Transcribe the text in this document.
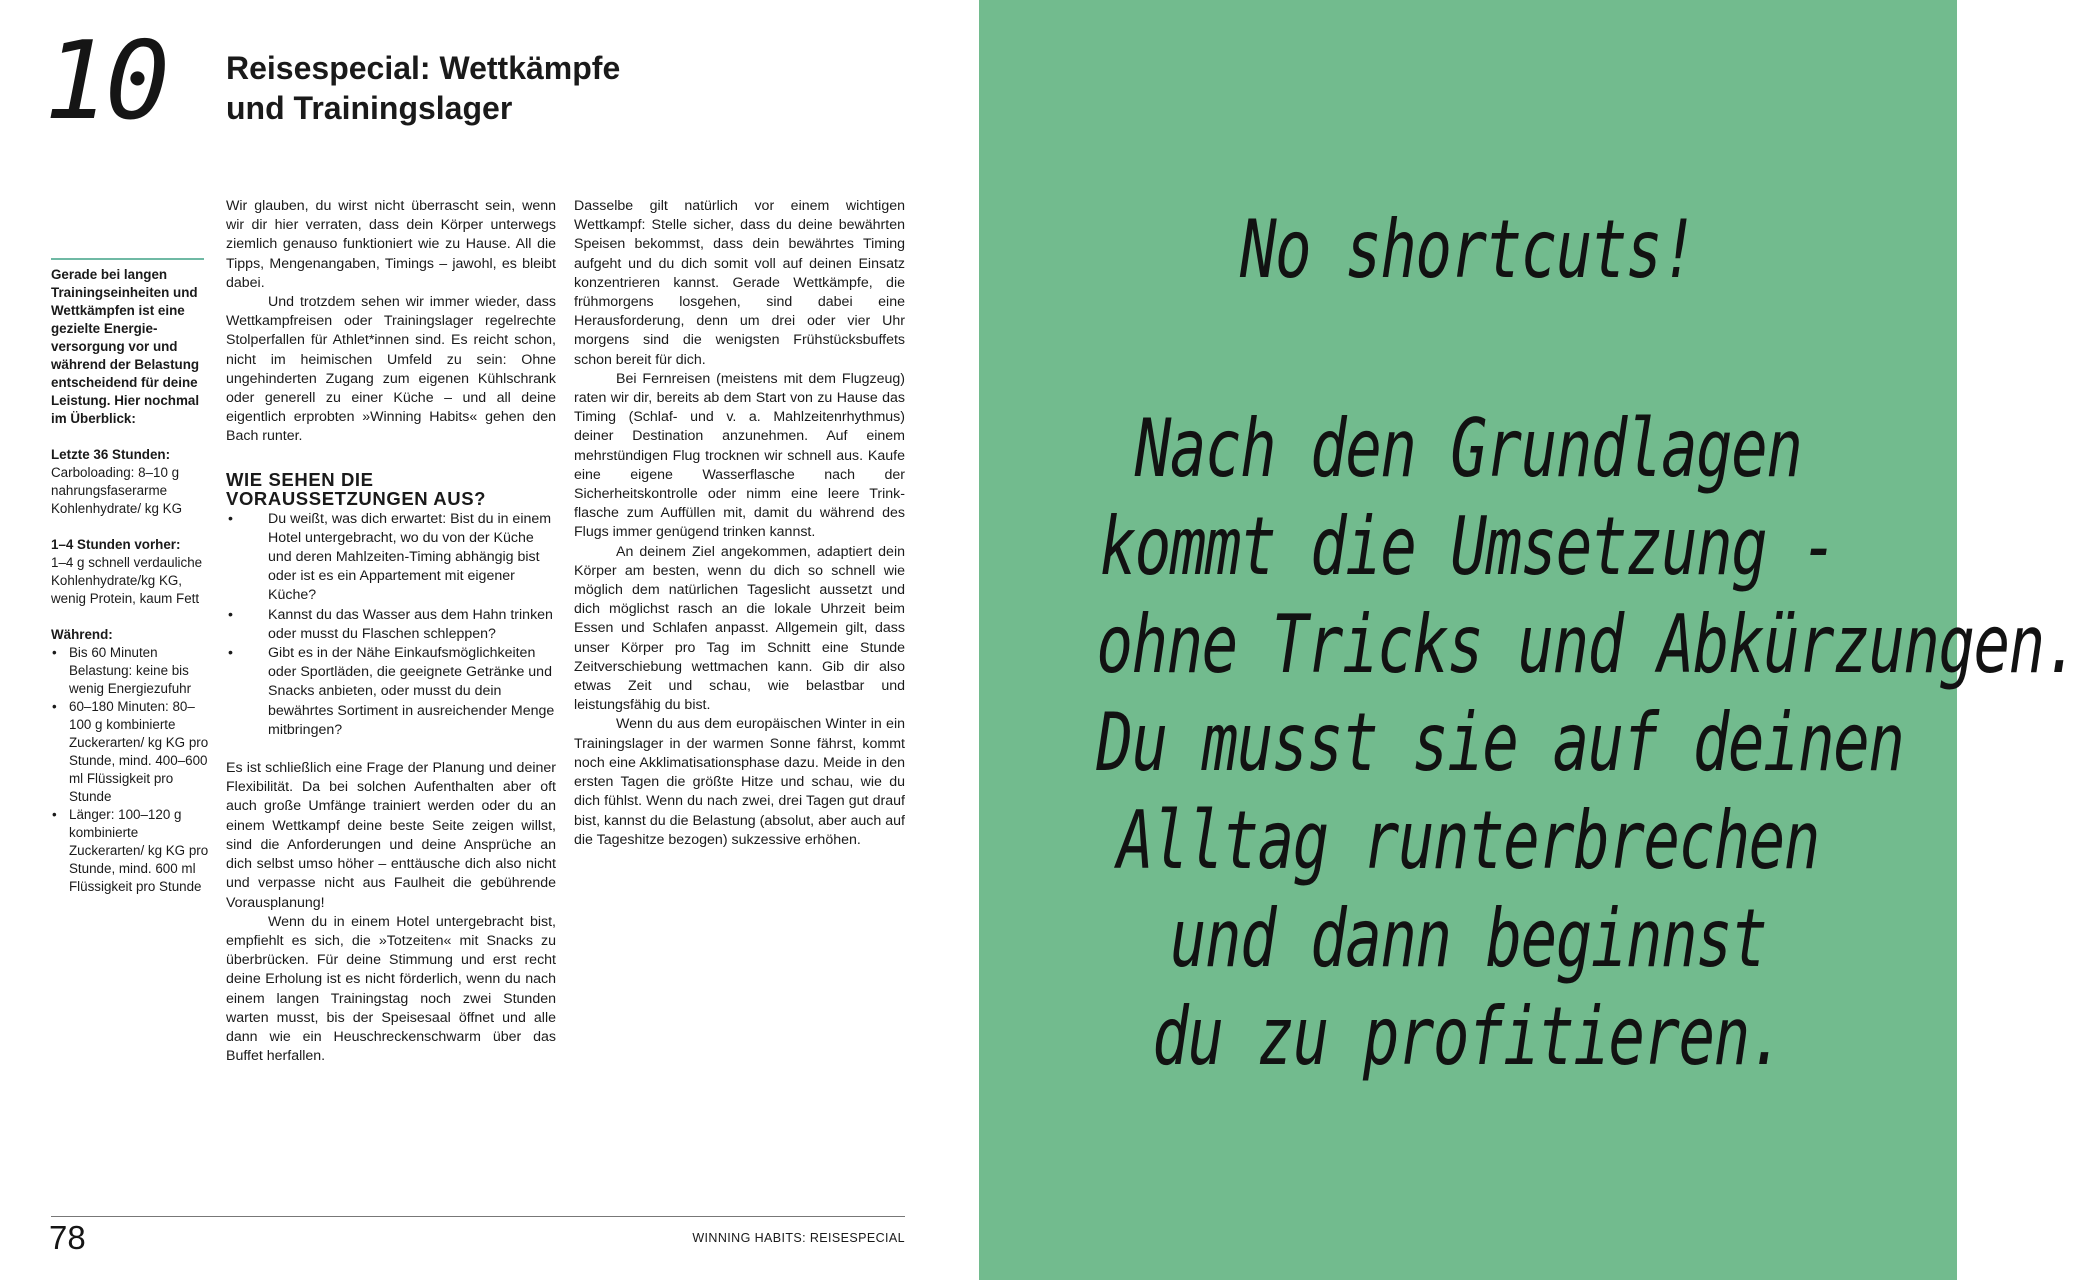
10 Reisespecial: Wettkämpfe
und Trainingslager

Gerade bei langen Trainingseinheiten und Wettkämpfen ist eine gezielte Energieversorgung vor und während der Belastung entscheidend für deine Leistung. Hier nochmal im Überblick:

Letzte 36 Stunden:
Carboloading: 8–10 g nahrungsfaserarme Kohlenhydrate/ kg KG

1–4 Stunden vorher:
1–4 g schnell verdauliche Kohlenhydrate/kg KG, wenig Protein, kaum Fett

Während:
• Bis 60 Minuten Belastung: keine bis wenig Energiezufuhr
• 60–180 Minuten: 80–100 g kombinierte Zuckerarten/ kg KG pro Stunde, mind. 400–600 ml Flüssigkeit pro Stunde
• Länger: 100–120 g kombinierte Zuckerarten/ kg KG pro Stunde, mind. 600 ml Flüssigkeit pro Stunde

Wir glauben, du wirst nicht überrascht sein, wenn wir dir hier verraten, dass dein Körper unterwegs ziemlich genauso funktioniert wie zu Hause. All die Tipps, Mengenangaben, Timings – jawohl, es bleibt dabei.

Und trotzdem sehen wir immer wieder, dass Wettkampfreisen oder Trainingslager regelrechte Stolperfallen für Athlet*innen sind. Es reicht schon, nicht im heimischen Umfeld zu sein: Ohne ungehinderten Zugang zum eigenen Kühlschrank oder generell zu einer Küche – und all deine eigentlich erprobten »Winning Habits« gehen den Bach runter.

WIE SEHEN DIE VORAUSSETZUNGEN AUS?
• Du weißt, was dich erwartet: Bist du in einem Hotel untergebracht, wo du von der Küche und deren Mahlzeiten-Timing abhängig bist oder ist es ein Appartement mit eigener Küche?
• Kannst du das Wasser aus dem Hahn trinken oder musst du Flaschen schleppen?
• Gibt es in der Nähe Einkaufsmöglichkeiten oder Sportläden, die geeignete Getränke und Snacks anbieten, oder musst du dein bewährtes Sortiment in ausreichender Menge mitbringen?

Es ist schließlich eine Frage der Planung und deiner Flexibilität. Da bei solchen Aufenthalten aber oft auch große Umfänge trainiert werden oder du an einem Wettkampf deine beste Seite zeigen willst, sind die Anforderungen und deine Ansprüche an dich selbst umso höher – enttäusche dich also nicht und verpasse nicht aus Faulheit die gebührende Vorausplanung!

Wenn du in einem Hotel untergebracht bist, empfiehlt es sich, die »Totzeiten« mit Snacks zu überbrücken. Für deine Stimmung und erst recht deine Erholung ist es nicht förderlich, wenn du nach einem langen Trainingstag noch zwei Stunden warten musst, bis der Speisesaal öffnet und alle dann wie ein Heuschreckenschwarm über das Buffet herfallen.

Dasselbe gilt natürlich vor einem wichtigen Wettkampf: Stelle sicher, dass du deine bewährten Speisen bekommst, dass dein bewährtes Timing aufgeht und du dich somit voll auf deinen Einsatz konzentrieren kannst. Gerade Wettkämpfe, die frühmorgens losgehen, sind dabei eine Herausforderung, denn um drei oder vier Uhr morgens sind die wenigsten Frühstücksbuffets schon bereit für dich.

Bei Fernreisen (meistens mit dem Flugzeug) raten wir dir, bereits ab dem Start von zu Hause das Timing (Schlaf- und v. a. Mahlzeitenrhythmus) deiner Destination anzunehmen. Auf einem mehrstündigen Flug trocknen wir schnell aus. Kaufe eine eigene Wasserflasche nach der Sicherheitskontrolle oder nimm eine leere Trinkflasche zum Auffüllen mit, damit du während des Flugs immer genügend trinken kannst.

An deinem Ziel angekommen, adaptiert dein Körper am besten, wenn du dich so schnell wie möglich dem natürlichen Tageslicht aussetzt und dich möglichst rasch an die lokale Uhrzeit beim Essen und Schlafen anpasst. Allgemein gilt, dass unser Körper pro Tag im Schnitt eine Stunde Zeitverschiebung wettmachen kann. Gib dir also etwas Zeit und schau, wie belastbar und leistungsfähig du bist.

Wenn du aus dem europäischen Winter in ein Trainingslager in der warmen Sonne fährst, kommt noch eine Akklimatisationsphase dazu. Meide in den ersten Tagen die größte Hitze und schau, wie du dich fühlst. Wenn du nach zwei, drei Tagen gut drauf bist, kannst du die Belastung (absolut, aber auch auf die Tageshitze bezogen) sukzessive erhöhen.

78	WINNING HABITS: REISESPECIAL
No shortcuts!
Nach den Grundlagen
kommt die Umsetzung -
ohne Tricks und Abkürzungen.
Du musst sie auf deinen
Alltag runterbrechen
und dann beginnst
du zu profitieren.
